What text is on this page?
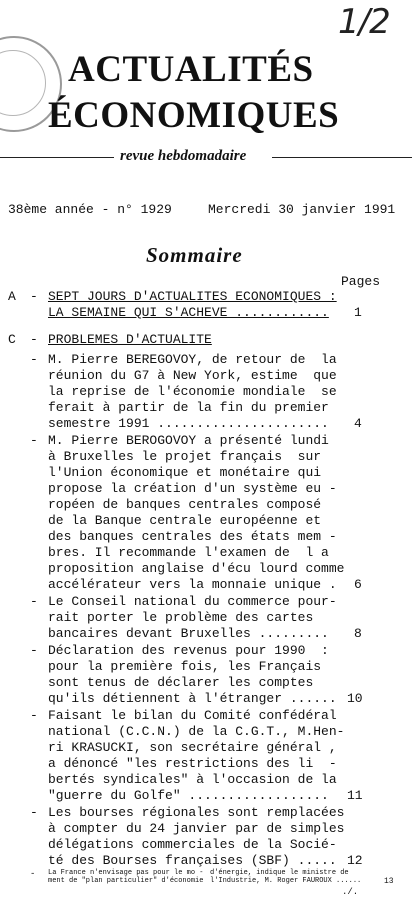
1/2
ACTUALITÉS
ÉCONOMIQUES
revue hebdomadaire
38ème année - n° 1929	Mercredi 30 janvier 1991
Sommaire
Pages
A - SEPT JOURS D'ACTUALITES ECONOMIQUES :
LA SEMAINE QUI S'ACHEVE ............ 1
C - PROBLEMES D'ACTUALITE
- M. Pierre BEREGOVOY, de retour de  la
réunion du G7 à New York, estime  que
la reprise de l'économie mondiale  se
ferait à partir de la fin du premier
semestre 1991 ...................... 4
- M. Pierre BEROGOVOY a présenté lundi
à Bruxelles le projet français  sur
l'Union économique et monétaire qui
propose la création d'un système eu -
ropéen de banques centrales composé
de la Banque centrale européenne et
des banques centrales des états mem -
bres. Il recommande l'examen de  l a
proposition anglaise d'écu lourd comme
accélérateur vers la monnaie unique . 6
- Le Conseil national du commerce pour-
rait porter le problème des cartes
bancaires devant Bruxelles ......... 8
- Déclaration des revenus pour 1990  :
pour la première fois, les Français
sont tenus de déclarer les comptes
qu'ils détiennent à l'étranger ...... 10
- Faisant le bilan du Comité confédéral
national (C.C.N.) de la C.G.T., M.Hen-
ri KRASUCKI, son secrétaire général ,
a dénoncé "les restrictions des li  -
bertés syndicales" à l'occasion de la
"guerre du Golfe" .................. 11
- Les bourses régionales sont remplacées
à compter du 24 janvier par de simples
délégations commerciales de la Socié-
té des Bourses françaises (SBF) ..... 12
- La France n'envisage pas pour le mo -
ment de "plan particulier" d'économie
d'énergie, indique le ministre de
l'Industrie, M. Roger FAUROUX ......	13
./.
